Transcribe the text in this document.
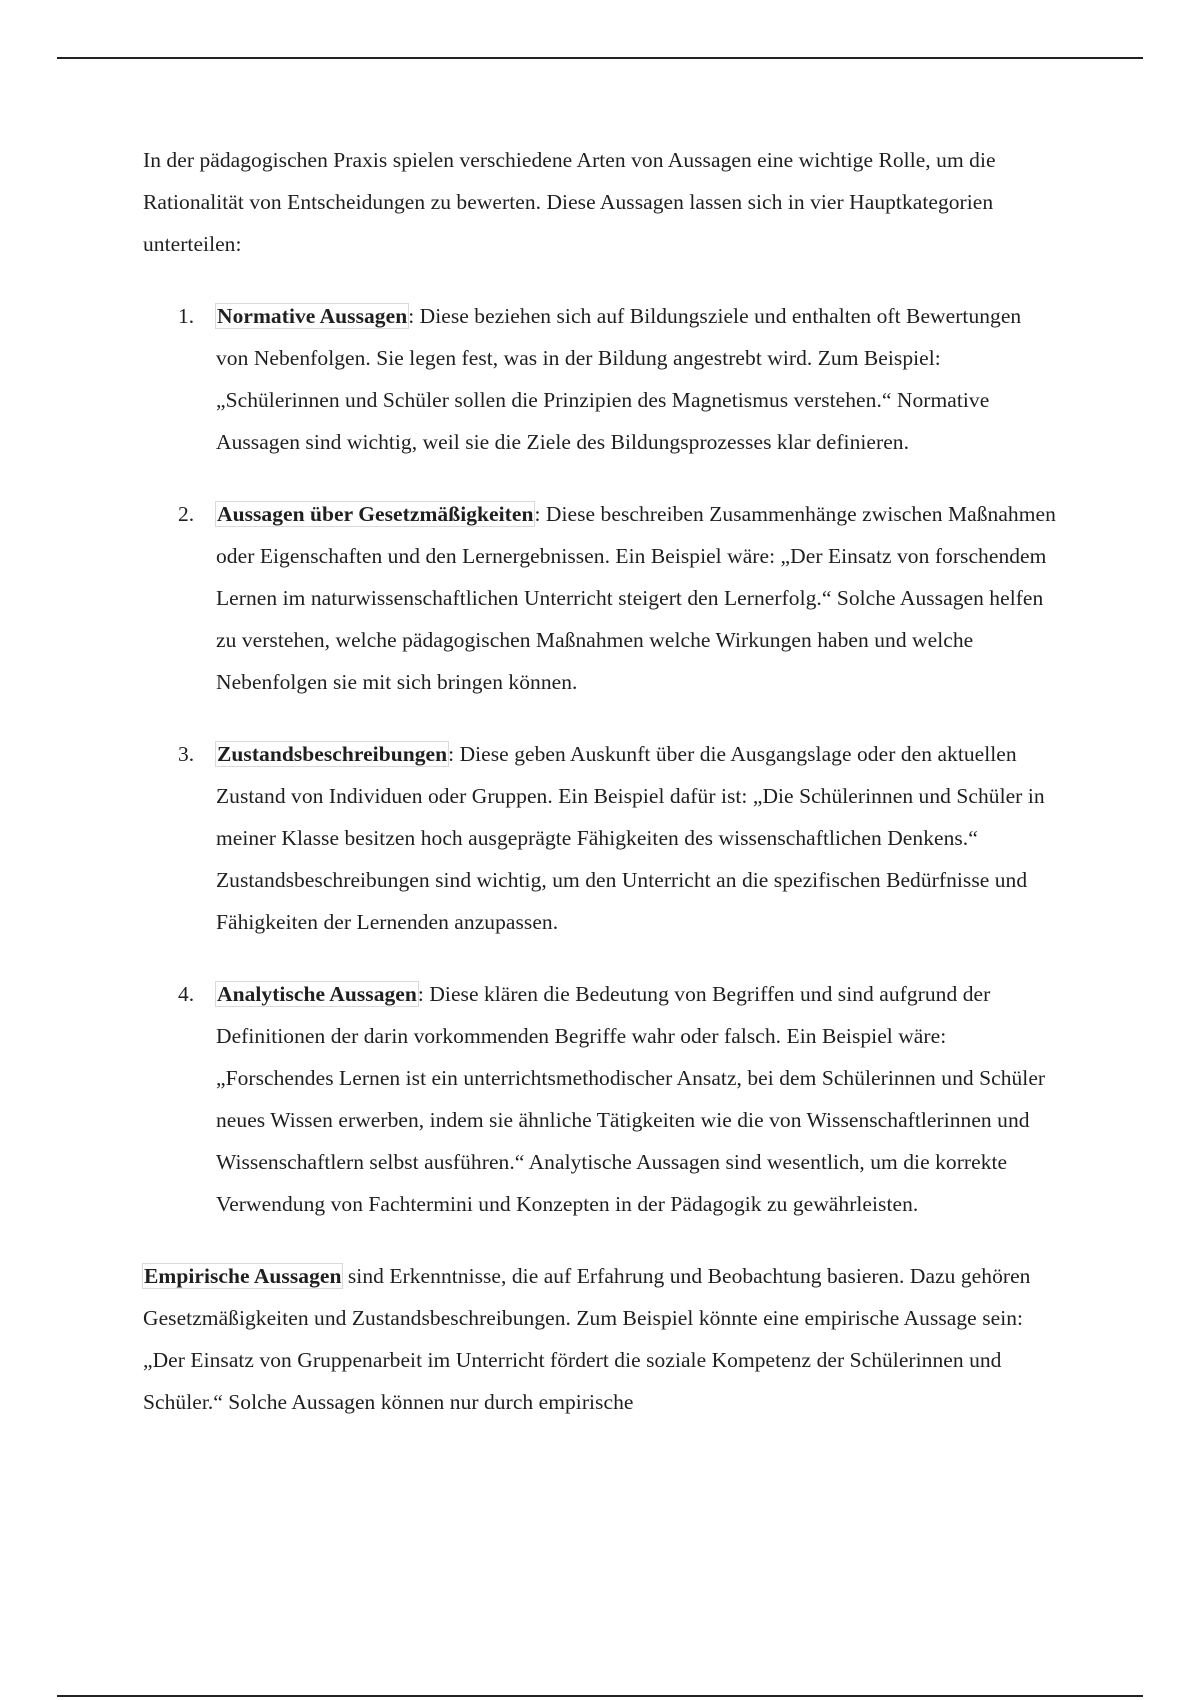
In der pädagogischen Praxis spielen verschiedene Arten von Aussagen eine wichtige Rolle, um die Rationalität von Entscheidungen zu bewerten. Diese Aussagen lassen sich in vier Hauptkategorien unterteilen:

1. Normative Aussagen: Diese beziehen sich auf Bildungsziele und enthalten oft Bewertungen von Nebenfolgen. Sie legen fest, was in der Bildung angestrebt wird. Zum Beispiel: „Schülerinnen und Schüler sollen die Prinzipien des Magnetismus verstehen.“ Normative Aussagen sind wichtig, weil sie die Ziele des Bildungsprozesses klar definieren.
2. Aussagen über Gesetzmäßigkeiten: Diese beschreiben Zusammenhänge zwischen Maßnahmen oder Eigenschaften und den Lernergebnissen. Ein Beispiel wäre: „Der Einsatz von forschendem Lernen im naturwissenschaftlichen Unterricht steigert den Lernerfolg.“ Solche Aussagen helfen zu verstehen, welche pädagogischen Maßnahmen welche Wirkungen haben und welche Nebenfolgen sie mit sich bringen können.
3. Zustandsbeschreibungen: Diese geben Auskunft über die Ausgangslage oder den aktuellen Zustand von Individuen oder Gruppen. Ein Beispiel dafür ist: „Die Schülerinnen und Schüler in meiner Klasse besitzen hoch ausgeprägte Fähigkeiten des wissenschaftlichen Denkens.“ Zustandsbeschreibungen sind wichtig, um den Unterricht an die spezifischen Bedürfnisse und Fähigkeiten der Lernenden anzupassen.
4. Analytische Aussagen: Diese klären die Bedeutung von Begriffen und sind aufgrund der Definitionen der darin vorkommenden Begriffe wahr oder falsch. Ein Beispiel wäre: „Forschendes Lernen ist ein unterrichtsmethodischer Ansatz, bei dem Schülerinnen und Schüler neues Wissen erwerben, indem sie ähnliche Tätigkeiten wie die von Wissenschaftlerinnen und Wissenschaftlern selbst ausführen.“ Analytische Aussagen sind wesentlich, um die korrekte Verwendung von Fachtermini und Konzepten in der Pädagogik zu gewährleisten.

Empirische Aussagen sind Erkenntnisse, die auf Erfahrung und Beobachtung basieren. Dazu gehören Gesetzmäßigkeiten und Zustandsbeschreibungen. Zum Beispiel könnte eine empirische Aussage sein: „Der Einsatz von Gruppenarbeit im Unterricht fördert die soziale Kompetenz der Schülerinnen und Schüler.“ Solche Aussagen können nur durch empirische
